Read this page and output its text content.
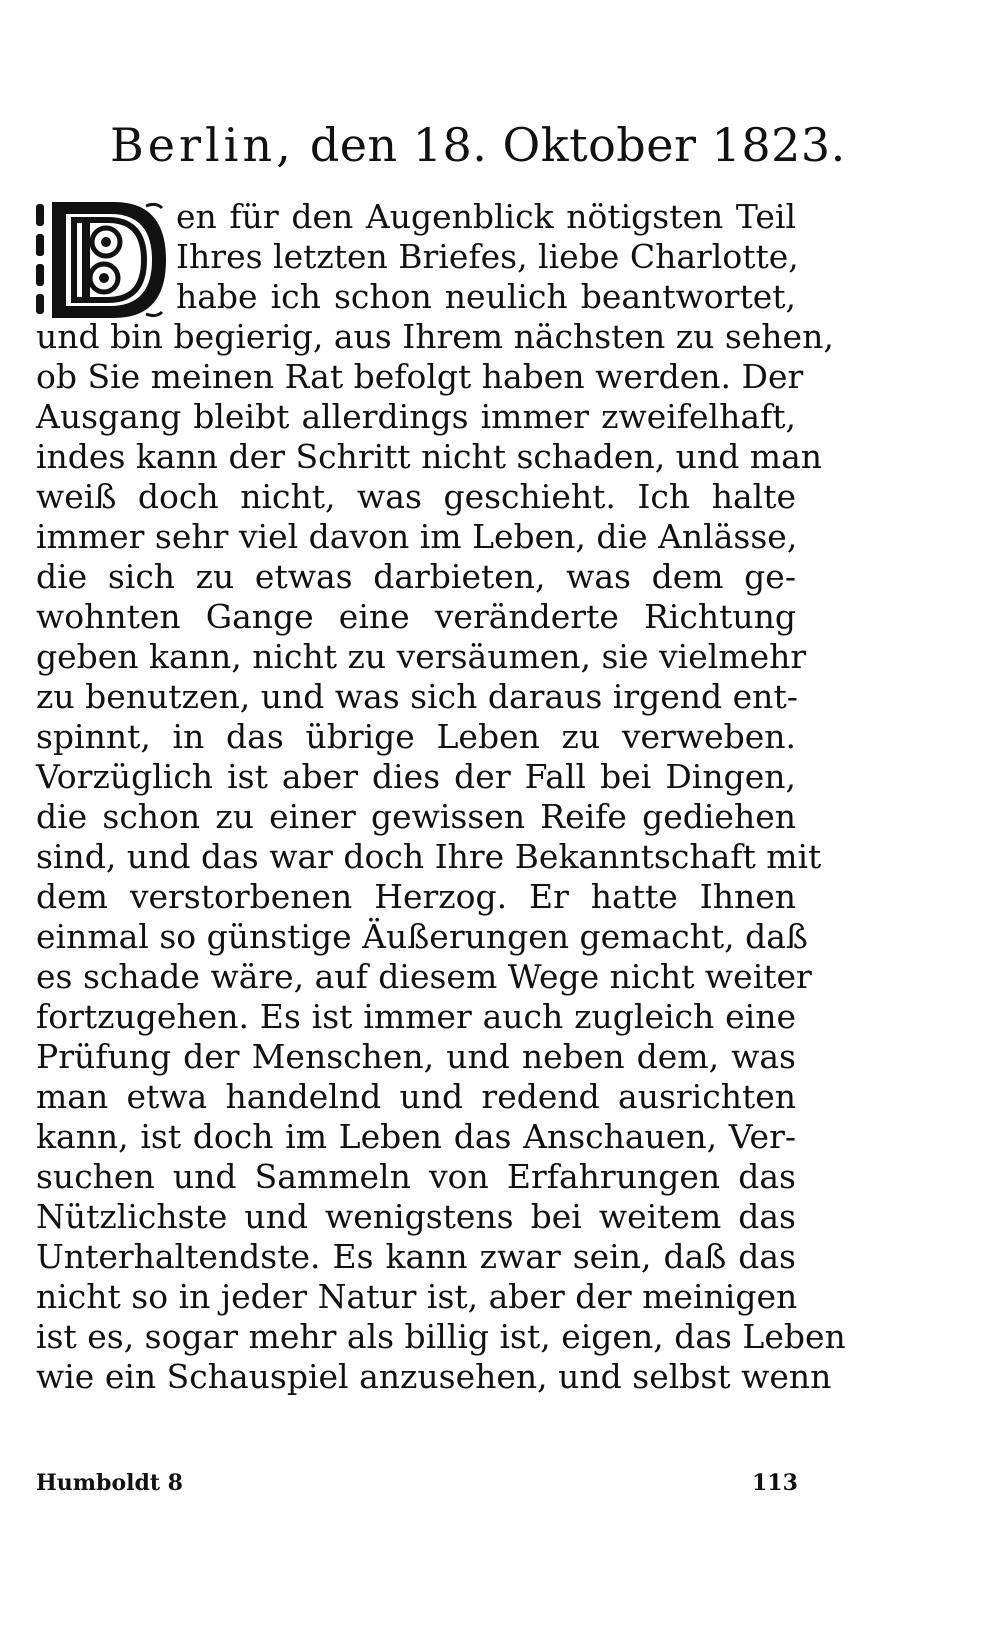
Berlin, den 18. Oktober 1823.
en für den Augenblick nötigsten Teil
Ihres letzten Briefes, liebe Charlotte,
habe ich schon neulich beantwortet,
und bin begierig, aus Ihrem nächsten zu sehen,
ob Sie meinen Rat befolgt haben werden. Der
Ausgang bleibt allerdings immer zweifelhaft,
indes kann der Schritt nicht schaden, und man
weiß doch nicht, was geschieht. Ich halte
immer sehr viel davon im Leben, die Anlässe,
die sich zu etwas darbieten, was dem ge-
wohnten Gange eine veränderte Richtung
geben kann, nicht zu versäumen, sie vielmehr
zu benutzen, und was sich daraus irgend ent-
spinnt, in das übrige Leben zu verweben.
Vorzüglich ist aber dies der Fall bei Dingen,
die schon zu einer gewissen Reife gediehen
sind, und das war doch Ihre Bekanntschaft mit
dem verstorbenen Herzog. Er hatte Ihnen
einmal so günstige Äußerungen gemacht, daß
es schade wäre, auf diesem Wege nicht weiter
fortzugehen. Es ist immer auch zugleich eine
Prüfung der Menschen, und neben dem, was
man etwa handelnd und redend ausrichten
kann, ist doch im Leben das Anschauen, Ver-
suchen und Sammeln von Erfahrungen das
Nützlichste und wenigstens bei weitem das
Unterhaltendste. Es kann zwar sein, daß das
nicht so in jeder Natur ist, aber der meinigen
ist es, sogar mehr als billig ist, eigen, das Leben
wie ein Schauspiel anzusehen, und selbst wenn
Humboldt 8	113
